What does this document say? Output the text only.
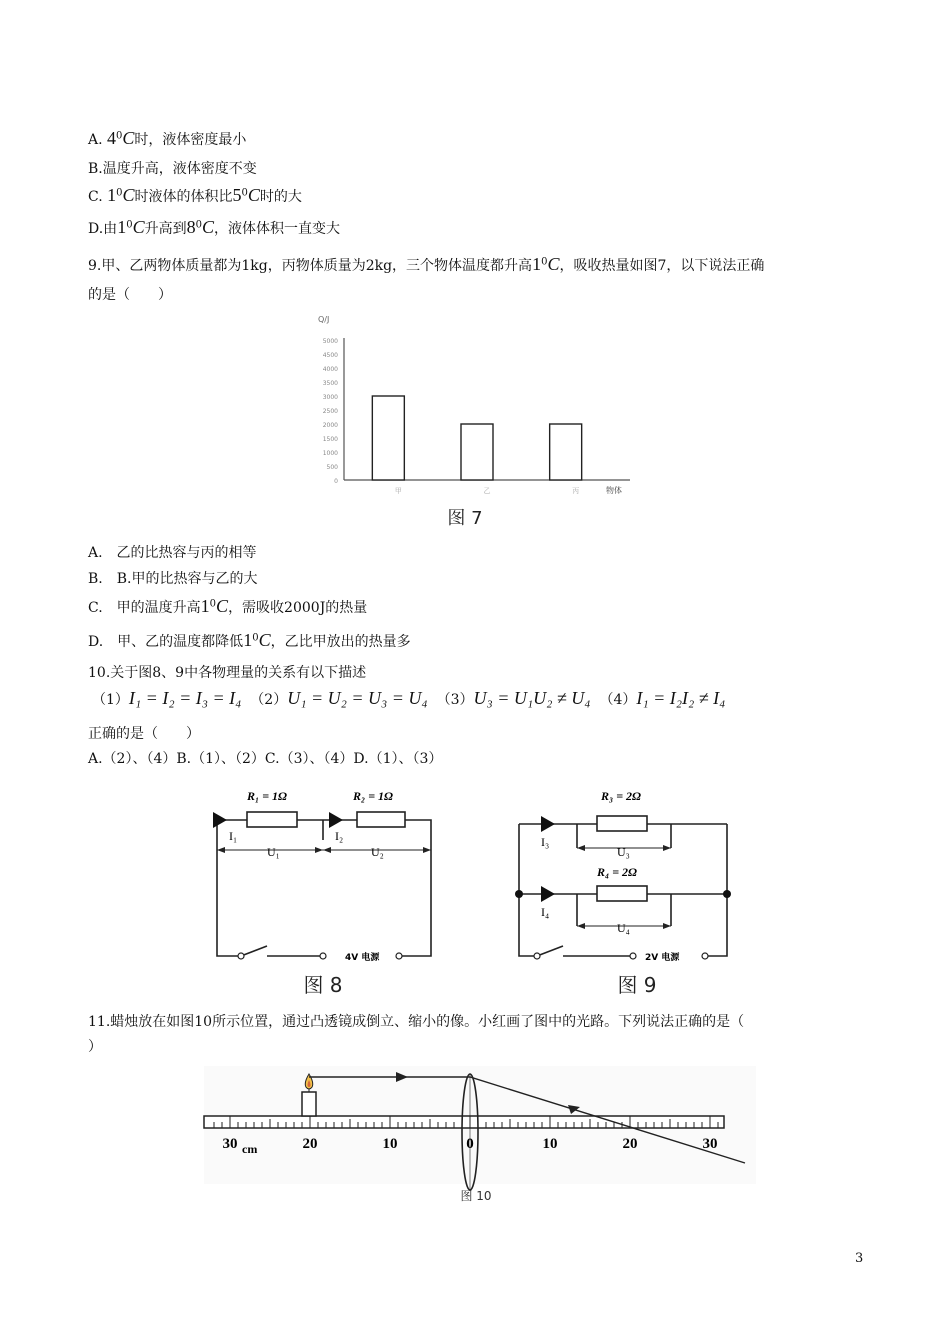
A. $4^0C$时，液体密度最小
B.温度升高，液体密度不变
C. $1^0C$时液体的体积比$5^0C$时的大
D.由$1^0C$升高到$8^0C$，液体体积一直变大
9.甲、乙两物体质量都为1kg，丙物体质量为2kg，三个物体温度都升高$1^0C$，吸收热量如图7，以下说法正确
的是（　　）
Q/J
5000
4500
4000
3500
3000
2500
2000
1500
1000
500
0
甲	乙	丙	物体
图 7
A.　乙的比热容与丙的相等
B.　B.甲的比热容与乙的大
C.　甲的温度升高$1^0C$，需吸收2000J的热量
D.　甲、乙的温度都降低$1^0C$，乙比甲放出的热量多
10.关于图8、9中各物理量的关系有以下描述
（1）I₁ = I₂ = I₃ = I₄ （2）U₁ = U₂ = U₃ = U₄ （3）U₃ = U₁U₂ ≠ U₄ （4）I₁ = I₂I₂ ≠ I₄
正确的是（　　）
A.（2）、（4）B.（1）、（2）C.（3）、（4）D.（1）、（3）
R₁ = 1Ω	R₂ = 1Ω
I₁	I₂
U₁	U₂
4V 电源
图 8
R₃ = 2Ω
R₄ = 2Ω
I₃
I₄
U₃
U₄
2V 电源
图 9
11.蜡烛放在如图10所示位置，通过凸透镜成倒立、缩小的像。小红画了图中的光路。下列说法正确的是（
）
30	20	10	0	10	20	30
cm
图 10
3
